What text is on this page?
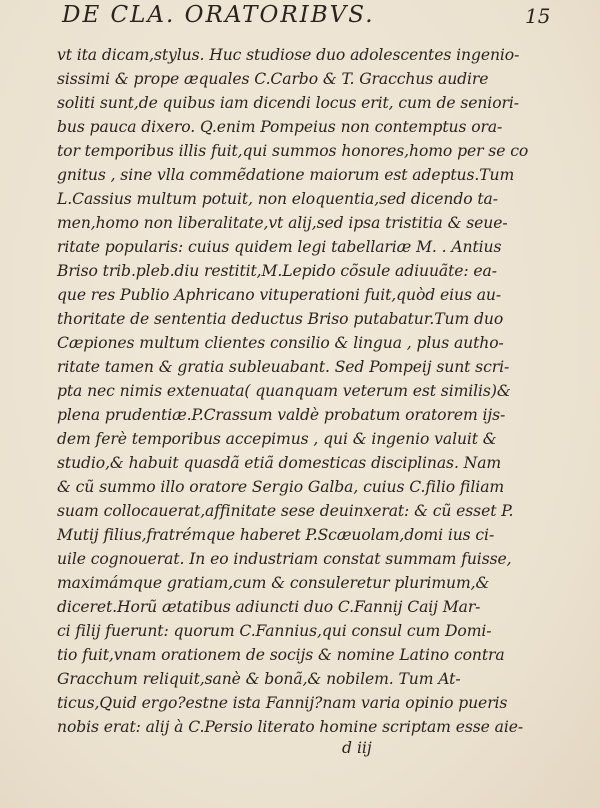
DE CLA. ORATORIBVS.	15
vt ita dicam,stylus. Huc studiose duo adolescentes ingenio-
sissimi & prope æquales C.Carbo & T. Gracchus audire
soliti sunt,de quibus iam dicendi locus erit, cum de seniori-
bus pauca dixero. Q.enim Pompeius non contemptus ora-
tor temporibus illis fuit,qui summos honores,homo per se co
gnitus , sine vlla commẽdatione maiorum est adeptus.Tum
L.Cassius multum potuit, non eloquentia,sed dicendo ta-
men,homo non liberalitate,vt alij,sed ipsa tristitia & seue-
ritate popularis: cuius quidem legi tabellariæ M. . Antius
Briso trib.pleb.diu restitit,M.Lepido cõsule adiuuãte: ea-
que res Publio Aphricano vituperationi fuit,quòd eius au-
thoritate de sententia deductus Briso putabatur.Tum duo
Cæpiones multum clientes consilio & lingua , plus autho-
ritate tamen & gratia subleuabant. Sed Pompeij sunt scri-
pta nec nimis extenuata( quanquam veterum est similis)&
plena prudentiæ.P.Crassum valdè probatum oratorem ijs-
dem ferè temporibus accepimus , qui & ingenio valuit &
studio,& habuit quasdã etiã domesticas disciplinas. Nam
& cũ summo illo oratore Sergio Galba, cuius C.filio filiam
suam collocauerat,affinitate sese deuinxerat: & cũ esset P.
Mutij filius,fratrémque haberet P.Scæuolam,domi ius ci-
uile cognouerat. In eo industriam constat summam fuisse,
maximámque gratiam,cum & consuleretur plurimum,&
diceret.Horũ ætatibus adiuncti duo C.Fannij Caij Mar-
ci filij fuerunt: quorum C.Fannius,qui consul cum Domi-
tio fuit,vnam orationem de socijs & nomine Latino contra
Gracchum reliquit,sanè & bonã,& nobilem. Tum At-
ticus,Quid ergo?estne ista Fannij?nam varia opinio pueris
nobis erat: alij à C.Persio literato homine scriptam esse aie-
d iij
